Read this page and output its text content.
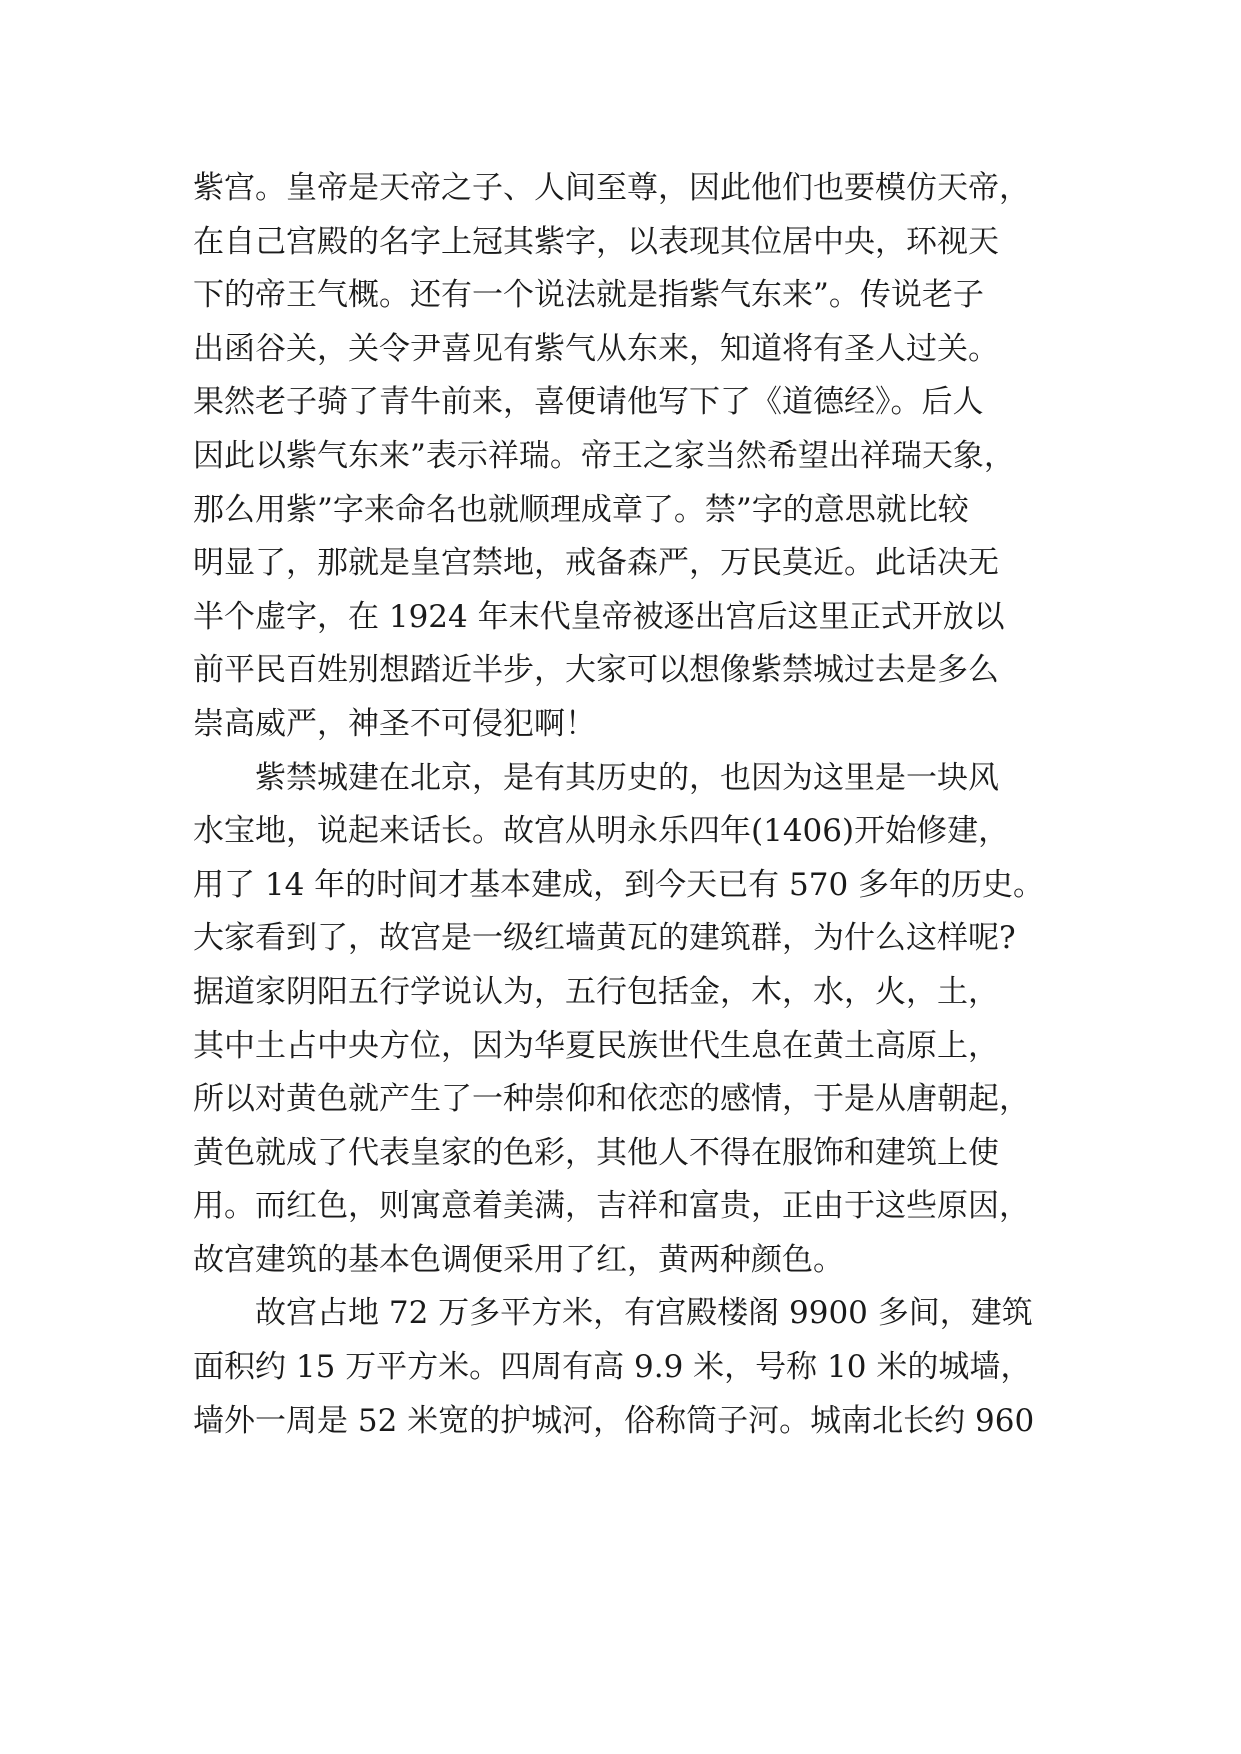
紫宫。皇帝是天帝之子、人间至尊，因此他们也要模仿天帝，
在自己宫殿的名字上冠其紫字，以表现其位居中央，环视天
下的帝王气概。还有一个说法就是指紫气东来”。传说老子
出函谷关，关令尹喜见有紫气从东来，知道将有圣人过关。
果然老子骑了青牛前来，喜便请他写下了《道德经》。后人
因此以紫气东来”表示祥瑞。帝王之家当然希望出祥瑞天象，
那么用紫”字来命名也就顺理成章了。禁”字的意思就比较
明显了，那就是皇宫禁地，戒备森严，万民莫近。此话决无
半个虚字，在 1924 年末代皇帝被逐出宫后这里正式开放以
前平民百姓别想踏近半步，大家可以想像紫禁城过去是多么
崇高威严，神圣不可侵犯啊！
紫禁城建在北京，是有其历史的，也因为这里是一块风
水宝地，说起来话长。故宫从明永乐四年(1406)开始修建，
用了 14 年的时间才基本建成，到今天已有 570 多年的历史。
大家看到了，故宫是一级红墙黄瓦的建筑群，为什么这样呢?
据道家阴阳五行学说认为，五行包括金，木，水，火，土，
其中土占中央方位，因为华夏民族世代生息在黄土高原上，
所以对黄色就产生了一种崇仰和依恋的感情，于是从唐朝起，
黄色就成了代表皇家的色彩，其他人不得在服饰和建筑上使
用。而红色，则寓意着美满，吉祥和富贵，正由于这些原因，
故宫建筑的基本色调便采用了红，黄两种颜色。
故宫占地 72 万多平方米，有宫殿楼阁 9900 多间，建筑
面积约 15 万平方米。四周有高 9.9 米，号称 10 米的城墙，
墙外一周是 52 米宽的护城河，俗称筒子河。城南北长约 960
